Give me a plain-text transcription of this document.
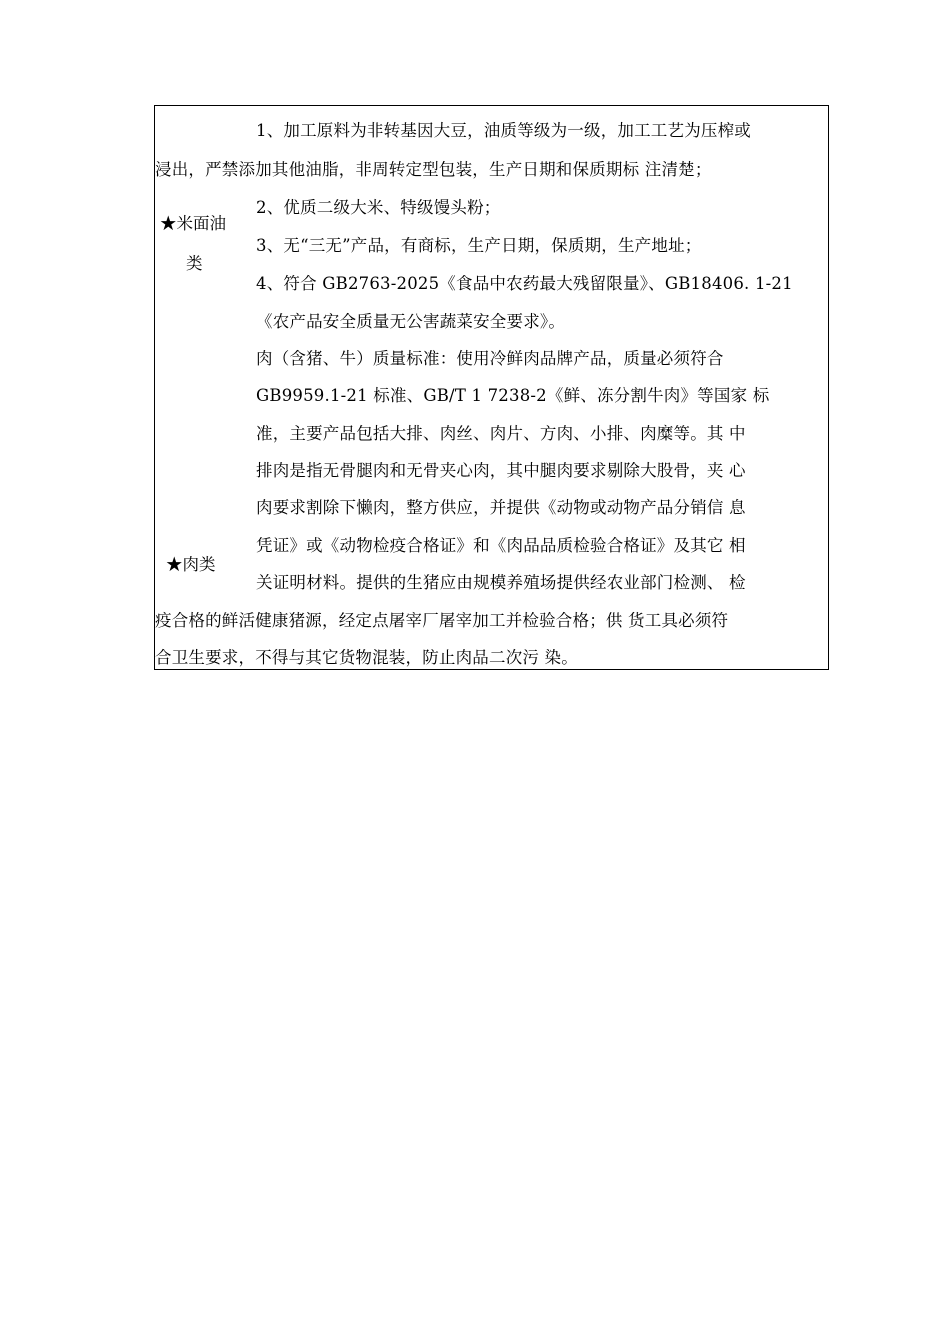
1、加工原料为非转基因大豆，油质等级为一级，加工工艺为压榨或
浸出，严禁添加其他油脂，非周转定型包装，生产日期和保质期标 注清楚；
2、优质二级大米、特级馒头粉；
★米面油
3、无“三无”产品，有商标，生产日期，保质期，生产地址；
类
4、符合 GB2763-2025《食品中农药最大残留限量》、GB18406. 1-21
《农产品安全质量无公害蔬菜安全要求》。
肉（含猪、牛）质量标准：使用冷鲜肉品牌产品，质量必须符合
GB9959.1-21 标准、GB/T 1 7238-2《鲜、冻分割牛肉》等国家 标
准，主要产品包括大排、肉丝、肉片、方肉、小排、肉糜等。其 中
排肉是指无骨腿肉和无骨夹心肉，其中腿肉要求剔除大股骨，夹 心
肉要求割除下懒肉，整方供应，并提供《动物或动物产品分销信 息
凭证》或《动物检疫合格证》和《肉品品质检验合格证》及其它 相
★肉类
关证明材料。提供的生猪应由规模养殖场提供经农业部门检测、 检
疫合格的鲜活健康猪源，经定点屠宰厂屠宰加工并检验合格；供 货工具必须符
合卫生要求，不得与其它货物混装，防止肉品二次污 染。
